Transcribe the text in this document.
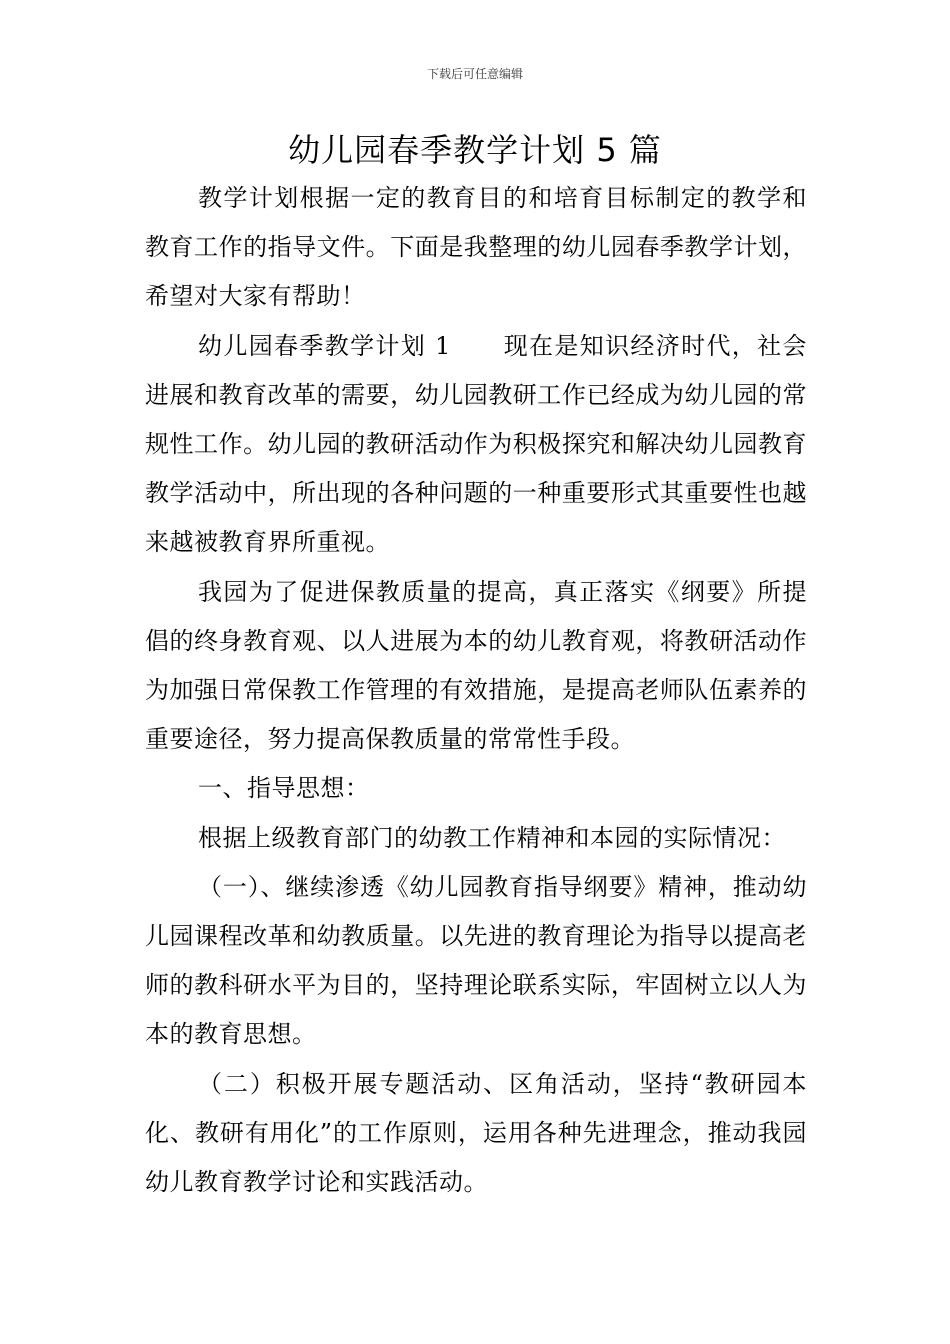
下载后可任意编辑
幼儿园春季教学计划 5 篇

教学计划根据一定的教育目的和培育目标制定的教学和教育工作的指导文件。下面是我整理的幼儿园春季教学计划，希望对大家有帮助！

幼儿园春季教学计划 1 现在是知识经济时代，社会进展和教育改革的需要，幼儿园教研工作已经成为幼儿园的常规性工作。幼儿园的教研活动作为积极探究和解决幼儿园教育教学活动中，所出现的各种问题的一种重要形式其重要性也越来越被教育界所重视。

我园为了促进保教质量的提高，真正落实《纲要》所提倡的终身教育观、以人进展为本的幼儿教育观，将教研活动作为加强日常保教工作管理的有效措施，是提高老师队伍素养的重要途径，努力提高保教质量的常常性手段。

一、指导思想：

根据上级教育部门的幼教工作精神和本园的实际情况：

（一）、继续渗透《幼儿园教育指导纲要》精神，推动幼儿园课程改革和幼教质量。以先进的教育理论为指导以提高老师的教科研水平为目的，坚持理论联系实际，牢固树立以人为本的教育思想。

（二）积极开展专题活动、区角活动，坚持“教研园本化、教研有用化”的工作原则，运用各种先进理念，推动我园幼儿教育教学讨论和实践活动。
